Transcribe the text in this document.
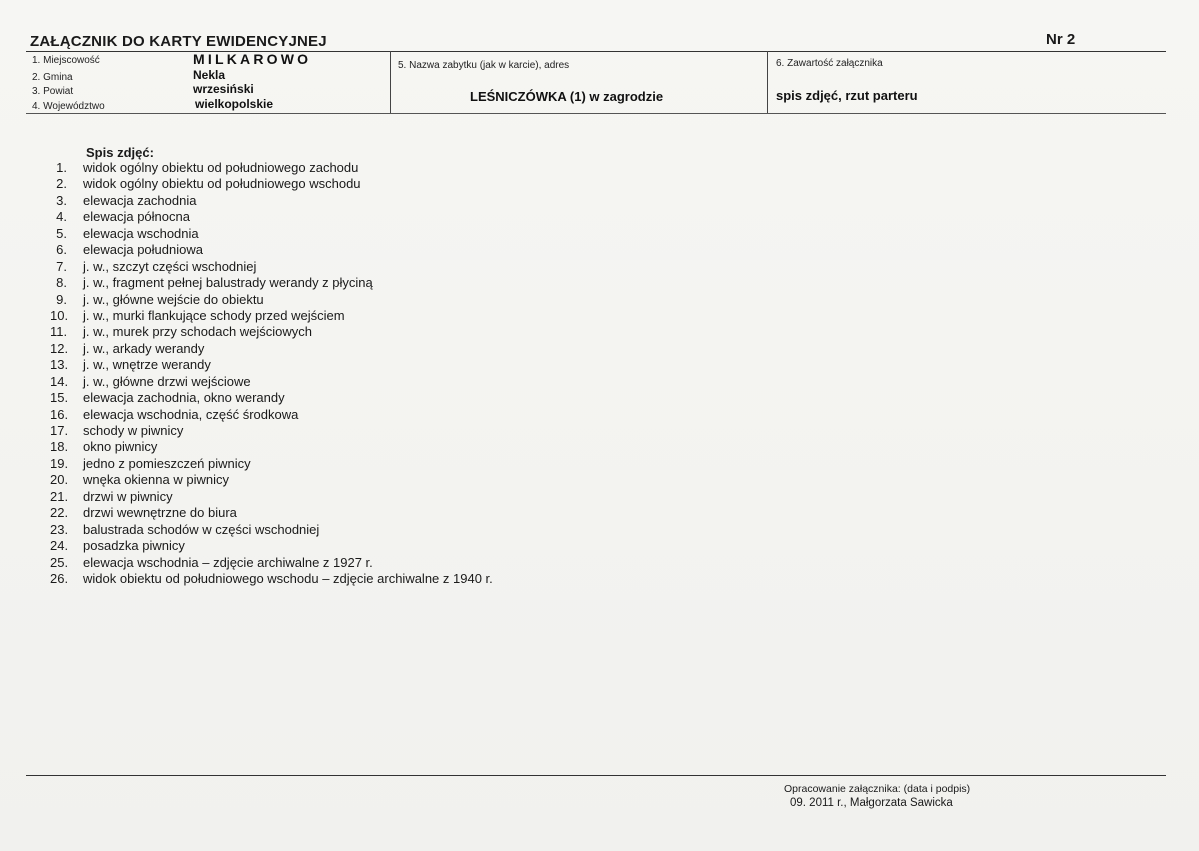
ZAŁĄCZNIK DO KARTY EWIDENCYJNEJ	Nr 2
1. Miejscowość	MILKAROWO
2. Gmina	Nekla
3. Powiat	wrzesiński
4. Województwo	wielkopolskie
5. Nazwa zabytku (jak w karcie), adres
LEŚNICZÓWKA (1) w zagrodzie
6. Zawartość załącznika
spis zdjęć, rzut parteru
Spis zdjęć:
1. widok ogólny obiektu od południowego zachodu
2. widok ogólny obiektu od południowego wschodu
3. elewacja zachodnia
4. elewacja północna
5. elewacja wschodnia
6. elewacja południowa
7. j. w., szczyt części wschodniej
8. j. w., fragment pełnej balustrady werandy z płyciną
9. j. w., główne wejście do obiektu
10. j. w., murki flankujące schody przed wejściem
11. j. w., murek przy schodach wejściowych
12. j. w., arkady werandy
13. j. w., wnętrze werandy
14. j. w., główne drzwi wejściowe
15. elewacja zachodnia, okno werandy
16. elewacja wschodnia, część środkowa
17. schody w piwnicy
18. okno piwnicy
19. jedno z pomieszczeń piwnicy
20. wnęka okienna w piwnicy
21. drzwi w piwnicy
22. drzwi wewnętrzne do biura
23. balustrada schodów w części wschodniej
24. posadzka piwnicy
25. elewacja wschodnia – zdjęcie archiwalne z 1927 r.
26. widok obiektu od południowego wschodu – zdjęcie archiwalne z 1940 r.
Opracowanie załącznika: (data i podpis)
09. 2011 r., Małgorzata Sawicka
